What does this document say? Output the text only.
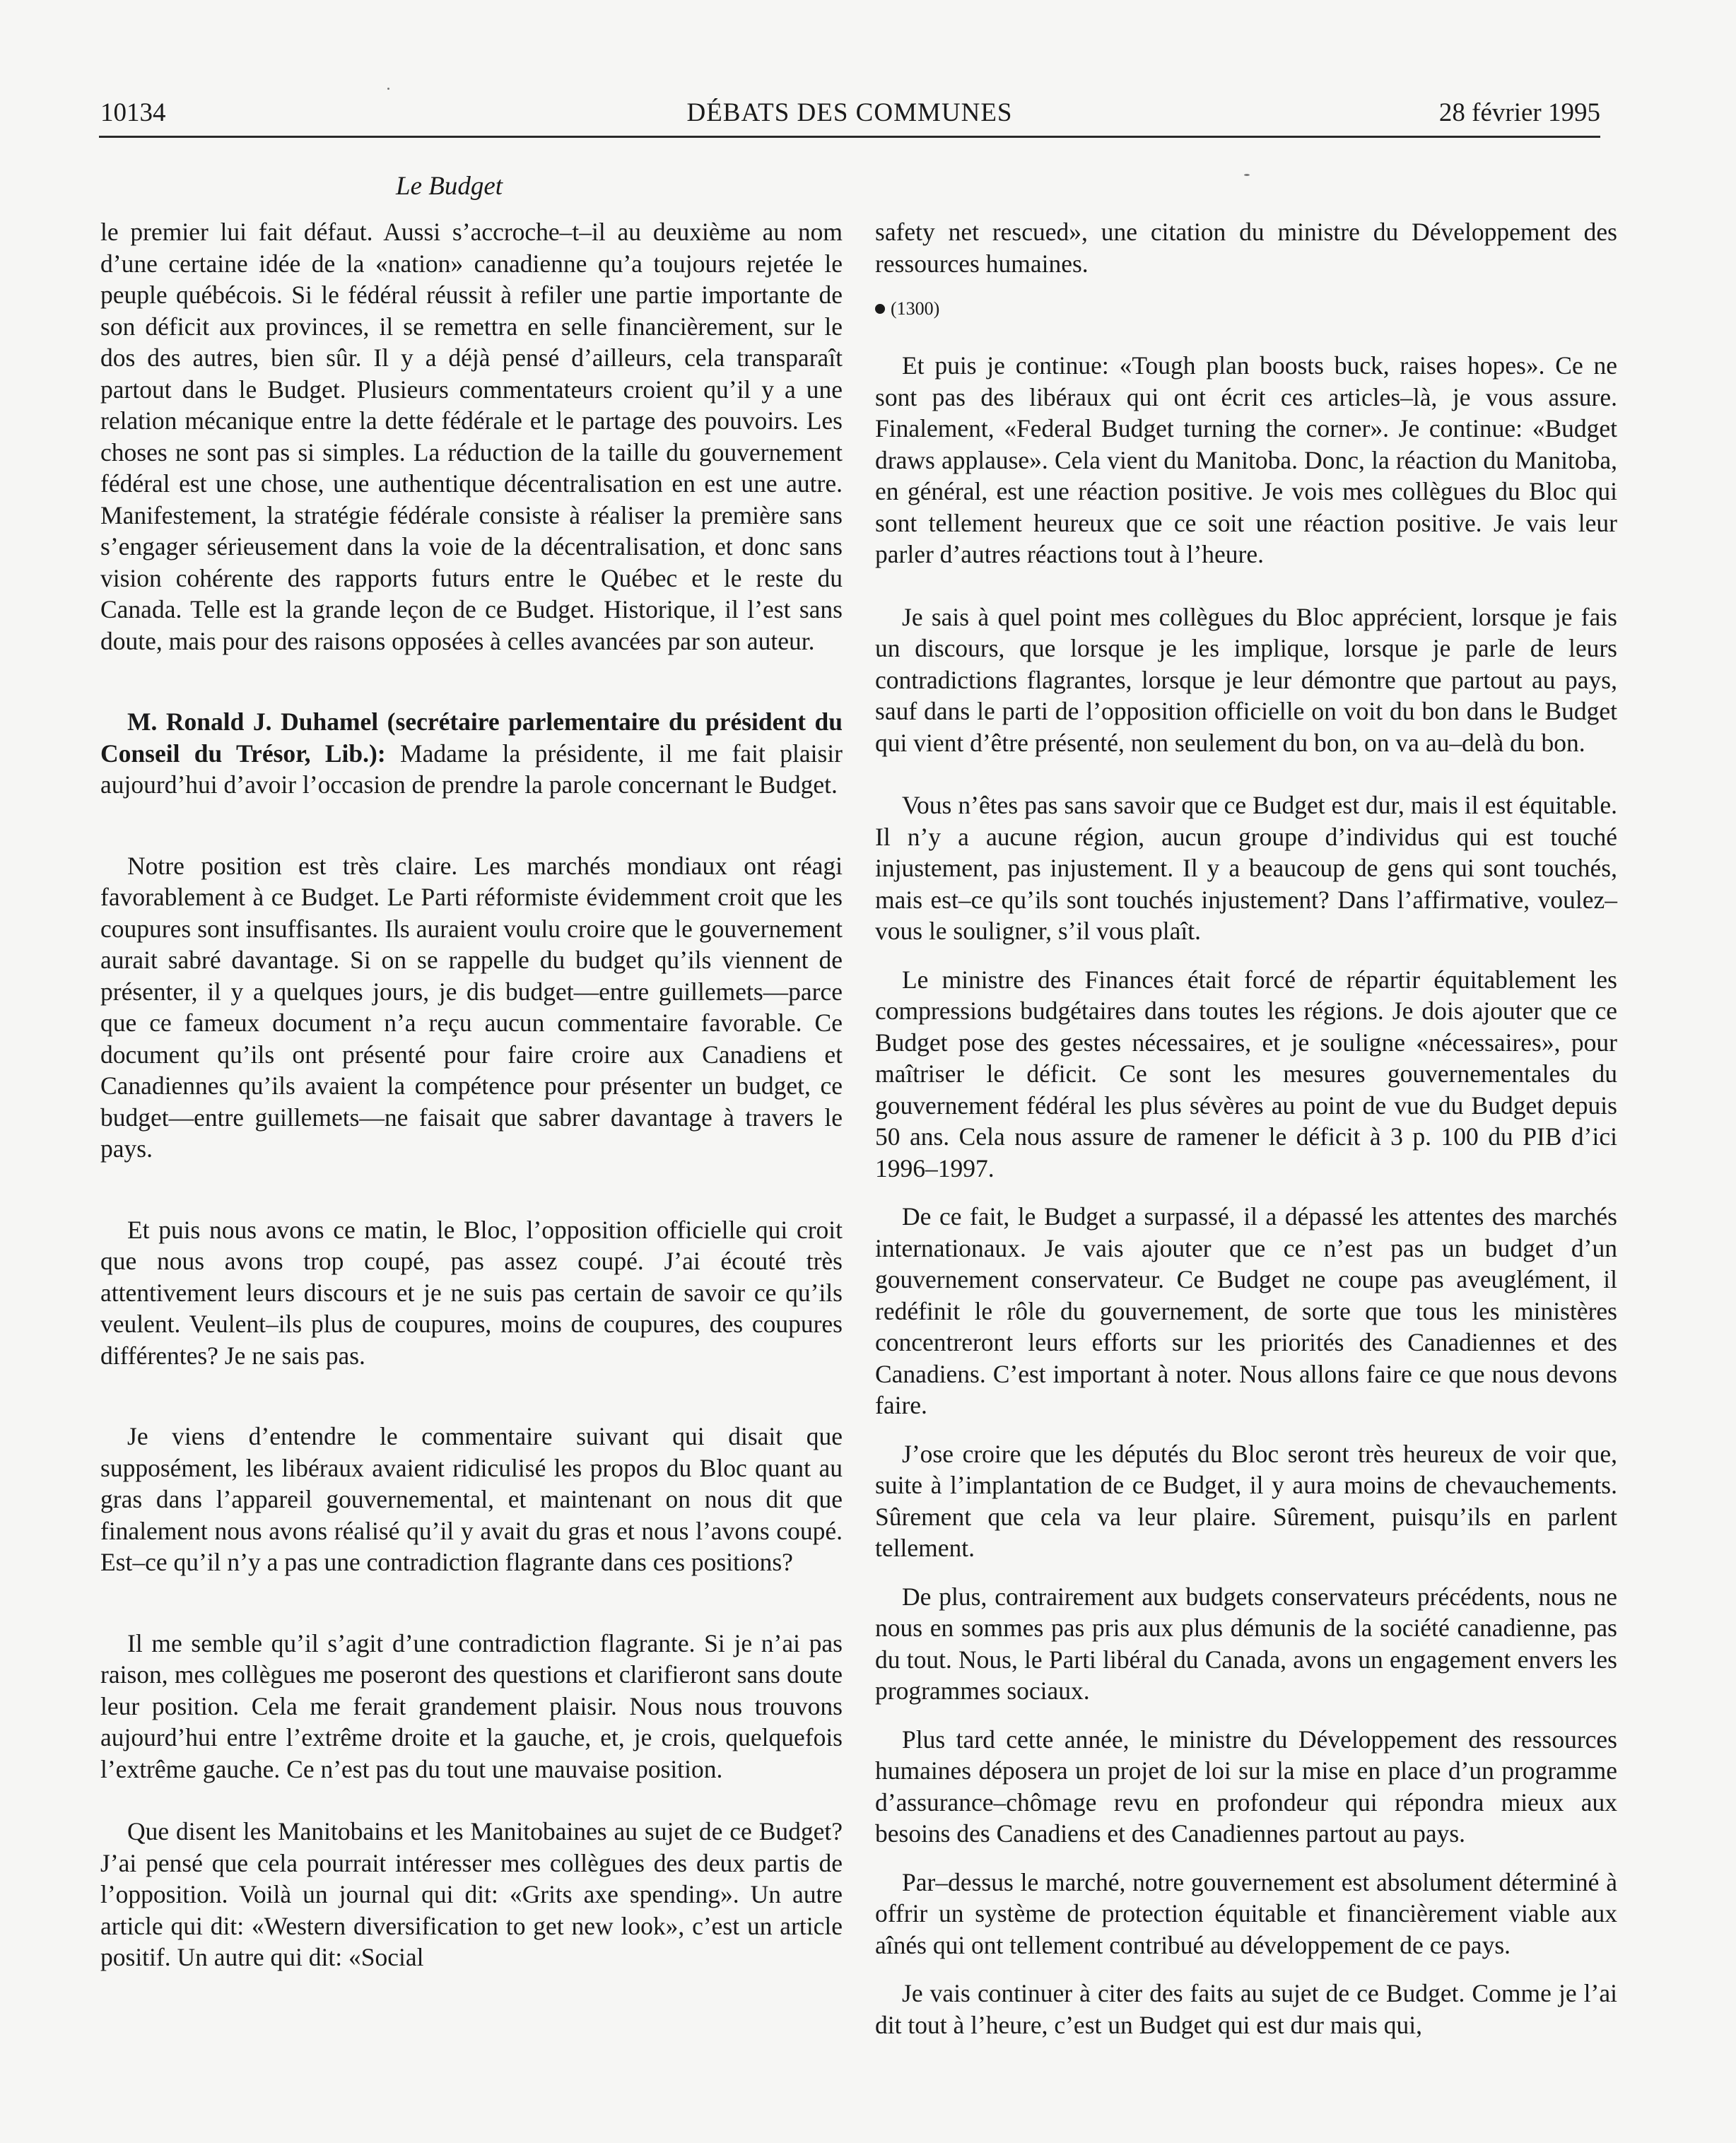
10134	DÉBATS DES COMMUNES	28 février 1995
Le Budget

le premier lui fait défaut. Aussi s’accroche–t–il au deuxième au nom d’une certaine idée de la «nation» canadienne qu’a toujours rejetée le peuple québécois. Si le fédéral réussit à refiler une partie importante de son déficit aux provinces, il se remettra en selle financièrement, sur le dos des autres, bien sûr. Il y a déjà pensé d’ailleurs, cela transparaît partout dans le Budget. Plusieurs commentateurs croient qu’il y a une relation mécanique entre la dette fédérale et le partage des pouvoirs. Les choses ne sont pas si simples. La réduction de la taille du gouvernement fédéral est une chose, une authentique décentralisation en est une autre. Manifestement, la stratégie fédérale consiste à réaliser la première sans s’engager sérieusement dans la voie de la décentralisation, et donc sans vision cohérente des rapports futurs entre le Québec et le reste du Canada. Telle est la grande leçon de ce Budget. Historique, il l’est sans doute, mais pour des raisons opposées à celles avancées par son auteur.

M. Ronald J. Duhamel (secrétaire parlementaire du président du Conseil du Trésor, Lib.): Madame la présidente, il me fait plaisir aujourd’hui d’avoir l’occasion de prendre la parole concernant le Budget.

Notre position est très claire. Les marchés mondiaux ont réagi favorablement à ce Budget. Le Parti réformiste évidemment croit que les coupures sont insuffisantes. Ils auraient voulu croire que le gouvernement aurait sabré davantage. Si on se rappelle du budget qu’ils viennent de présenter, il y a quelques jours, je dis budget—entre guillemets—parce que ce fameux document n’a reçu aucun commentaire favorable. Ce document qu’ils ont présenté pour faire croire aux Canadiens et Canadiennes qu’ils avaient la compétence pour présenter un budget, ce budget—entre guillemets—ne faisait que sabrer davantage à travers le pays.

Et puis nous avons ce matin, le Bloc, l’opposition officielle qui croit que nous avons trop coupé, pas assez coupé. J’ai écouté très attentivement leurs discours et je ne suis pas certain de savoir ce qu’ils veulent. Veulent–ils plus de coupures, moins de coupures, des coupures différentes? Je ne sais pas.

Je viens d’entendre le commentaire suivant qui disait que supposément, les libéraux avaient ridiculisé les propos du Bloc quant au gras dans l’appareil gouvernemental, et maintenant on nous dit que finalement nous avons réalisé qu’il y avait du gras et nous l’avons coupé. Est–ce qu’il n’y a pas une contradiction flagrante dans ces positions?

Il me semble qu’il s’agit d’une contradiction flagrante. Si je n’ai pas raison, mes collègues me poseront des questions et clarifieront sans doute leur position. Cela me ferait grandement plaisir. Nous nous trouvons aujourd’hui entre l’extrême droite et la gauche, et, je crois, quelquefois l’extrême gauche. Ce n’est pas du tout une mauvaise position.

Que disent les Manitobains et les Manitobaines au sujet de ce Budget? J’ai pensé que cela pourrait intéresser mes collègues des deux partis de l’opposition. Voilà un journal qui dit: «Grits axe spending». Un autre article qui dit: «Western diversification to get new look», c’est un article positif. Un autre qui dit: «Social

safety net rescued», une citation du ministre du Développement des ressources humaines.

(1300)

Et puis je continue: «Tough plan boosts buck, raises hopes». Ce ne sont pas des libéraux qui ont écrit ces articles–là, je vous assure. Finalement, «Federal Budget turning the corner». Je continue: «Budget draws applause». Cela vient du Manitoba. Donc, la réaction du Manitoba, en général, est une réaction positive. Je vois mes collègues du Bloc qui sont tellement heureux que ce soit une réaction positive. Je vais leur parler d’autres réactions tout à l’heure.

Je sais à quel point mes collègues du Bloc apprécient, lorsque je fais un discours, que lorsque je les implique, lorsque je parle de leurs contradictions flagrantes, lorsque je leur démontre que partout au pays, sauf dans le parti de l’opposition officielle on voit du bon dans le Budget qui vient d’être présenté, non seulement du bon, on va au–delà du bon.

Vous n’êtes pas sans savoir que ce Budget est dur, mais il est équitable. Il n’y a aucune région, aucun groupe d’individus qui est touché injustement, pas injustement. Il y a beaucoup de gens qui sont touchés, mais est–ce qu’ils sont touchés injustement? Dans l’affirmative, voulez–vous le souligner, s’il vous plaît.

Le ministre des Finances était forcé de répartir équitablement les compressions budgétaires dans toutes les régions. Je dois ajouter que ce Budget pose des gestes nécessaires, et je souligne «nécessaires», pour maîtriser le déficit. Ce sont les mesures gouvernementales du gouvernement fédéral les plus sévères au point de vue du Budget depuis 50 ans. Cela nous assure de ramener le déficit à 3 p. 100 du PIB d’ici 1996–1997.

De ce fait, le Budget a surpassé, il a dépassé les attentes des marchés internationaux. Je vais ajouter que ce n’est pas un budget d’un gouvernement conservateur. Ce Budget ne coupe pas aveuglément, il redéfinit le rôle du gouvernement, de sorte que tous les ministères concentreront leurs efforts sur les priorités des Canadiennes et des Canadiens. C’est important à noter. Nous allons faire ce que nous devons faire.

J’ose croire que les députés du Bloc seront très heureux de voir que, suite à l’implantation de ce Budget, il y aura moins de chevauchements. Sûrement que cela va leur plaire. Sûrement, puisqu’ils en parlent tellement.

De plus, contrairement aux budgets conservateurs précédents, nous ne nous en sommes pas pris aux plus démunis de la société canadienne, pas du tout. Nous, le Parti libéral du Canada, avons un engagement envers les programmes sociaux.

Plus tard cette année, le ministre du Développement des ressources humaines déposera un projet de loi sur la mise en place d’un programme d’assurance–chômage revu en profondeur qui répondra mieux aux besoins des Canadiens et des Canadiennes partout au pays.

Par–dessus le marché, notre gouvernement est absolument déterminé à offrir un système de protection équitable et financièrement viable aux aînés qui ont tellement contribué au développement de ce pays.

Je vais continuer à citer des faits au sujet de ce Budget. Comme je l’ai dit tout à l’heure, c’est un Budget qui est dur mais qui,
